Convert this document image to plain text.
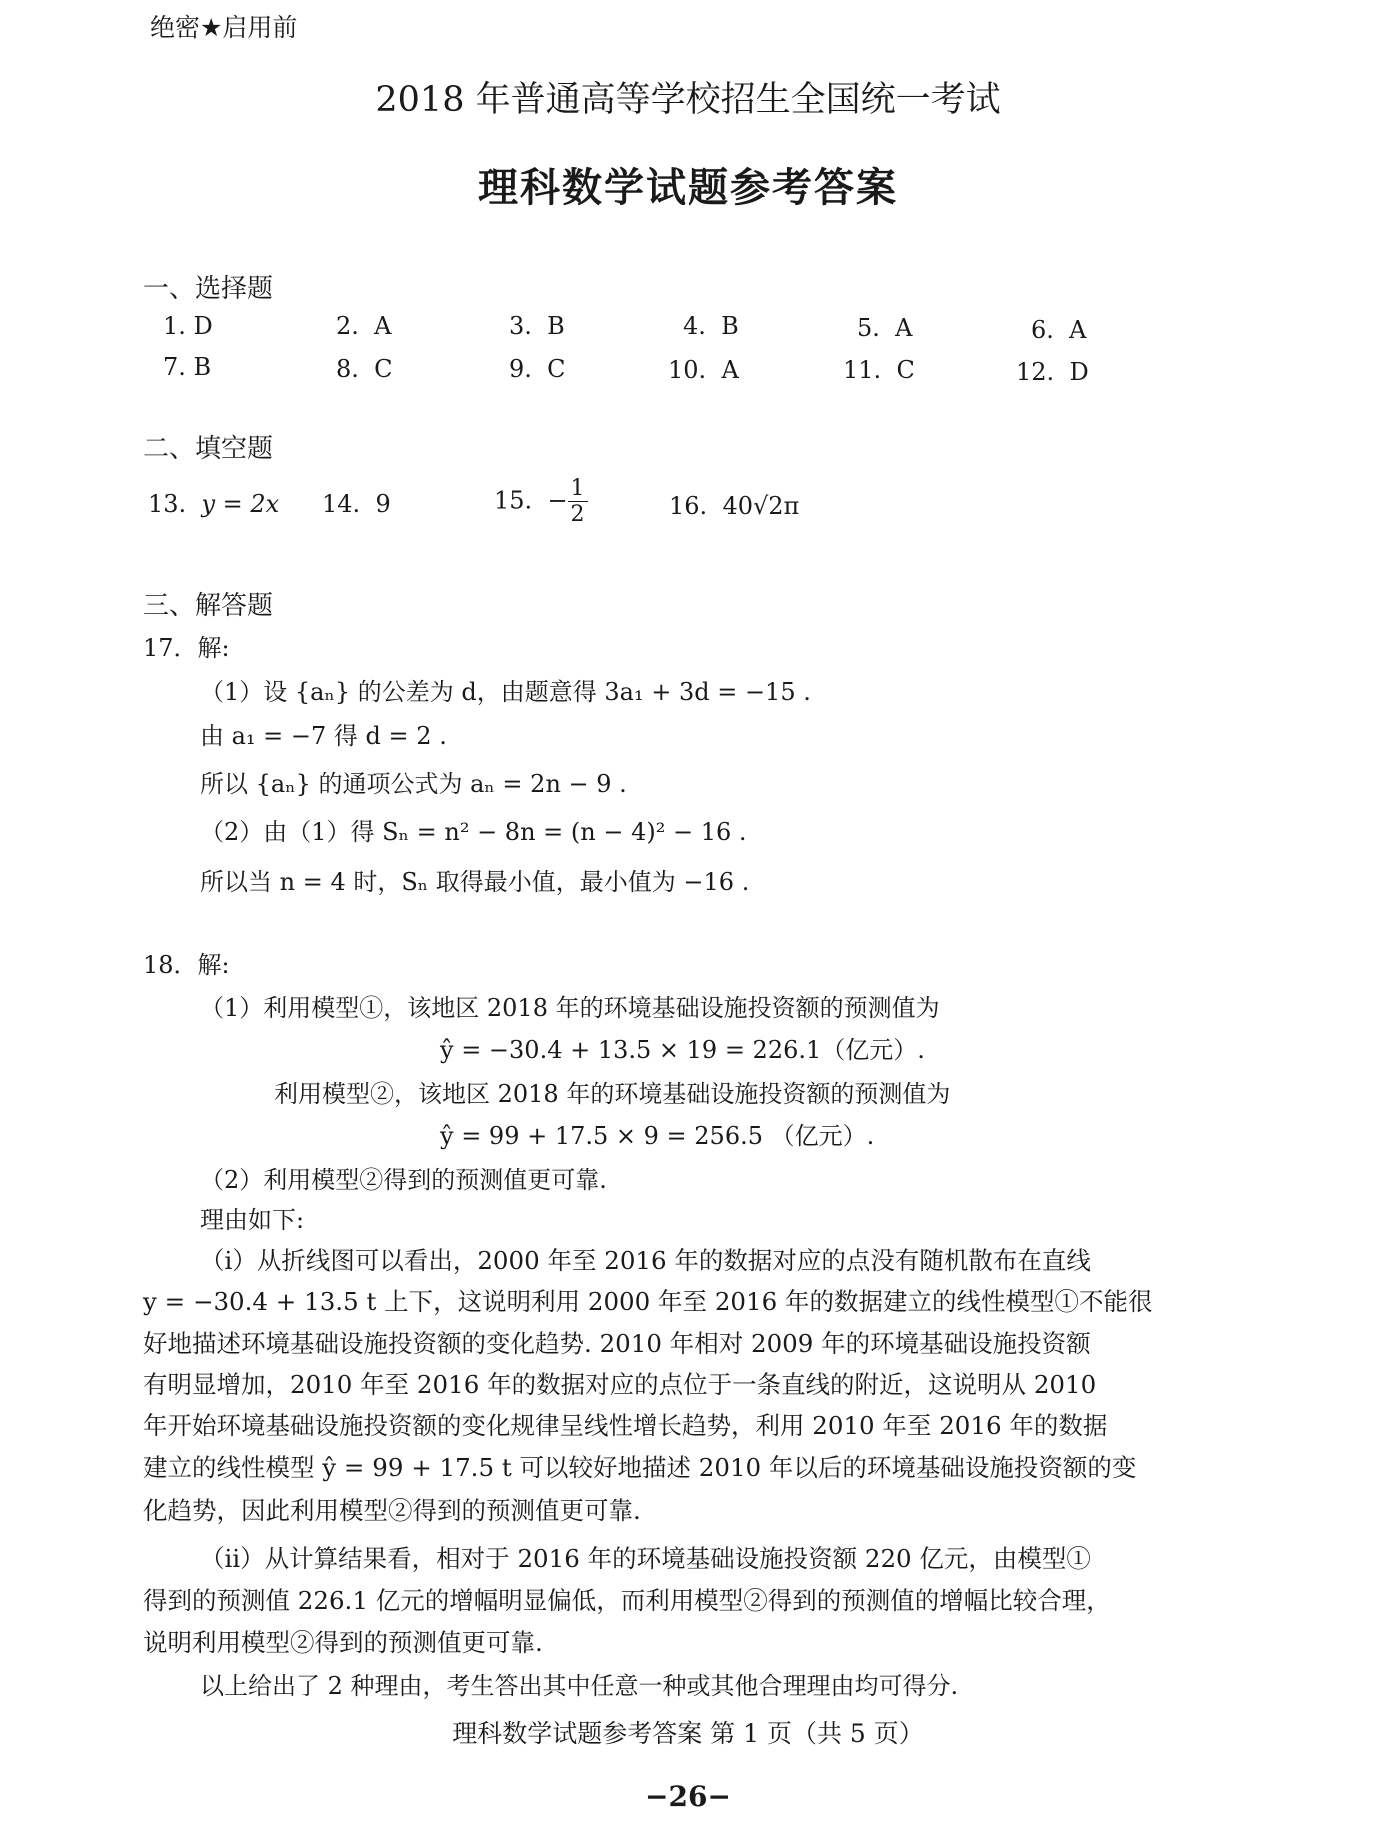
绝密★启用前
2018 年普通高等学校招生全国统一考试
理科数学试题参考答案
一、选择题
1. D	2. A	3. B	4. B	5. A	6. A
7. B	8. C	9. C	10. A	11. C	12. D
二、填空题
13. y = 2x 14. 9	15. − $\frac{1}{2}$	16. 40√2π
三、解答题
17．解:
（1）设 {aₙ} 的公差为 d，由题意得 3a₁ + 3d = −15 .
由 a₁ = −7 得 d = 2 .
所以 {aₙ} 的通项公式为 aₙ = 2n − 9 .
（2）由（1）得 Sₙ = n² − 8n = (n − 4)² − 16 .
所以当 n = 4 时，Sₙ 取得最小值，最小值为 −16 .
18．解:
（1）利用模型①，该地区 2018 年的环境基础设施投资额的预测值为
ŷ = −30.4 + 13.5 × 19 = 226.1（亿元）.
利用模型②，该地区 2018 年的环境基础设施投资额的预测值为
ŷ = 99 + 17.5 × 9 = 256.5 （亿元）.
（2）利用模型②得到的预测值更可靠.
理由如下:
（ⅰ）从折线图可以看出，2000 年至 2016 年的数据对应的点没有随机散布在直线
y = −30.4 + 13.5 t 上下，这说明利用 2000 年至 2016 年的数据建立的线性模型①不能很
好地描述环境基础设施投资额的变化趋势. 2010 年相对 2009 年的环境基础设施投资额
有明显增加，2010 年至 2016 年的数据对应的点位于一条直线的附近，这说明从 2010
年开始环境基础设施投资额的变化规律呈线性增长趋势，利用 2010 年至 2016 年的数据
建立的线性模型 ŷ = 99 + 17.5 t 可以较好地描述 2010 年以后的环境基础设施投资额的变
化趋势，因此利用模型②得到的预测值更可靠.
（ⅱ）从计算结果看，相对于 2016 年的环境基础设施投资额 220 亿元，由模型①
得到的预测值 226.1 亿元的增幅明显偏低，而利用模型②得到的预测值的增幅比较合理，
说明利用模型②得到的预测值更可靠.
以上给出了 2 种理由，考生答出其中任意一种或其他合理理由均可得分.
理科数学试题参考答案 第 1 页（共 5 页）
−26−
